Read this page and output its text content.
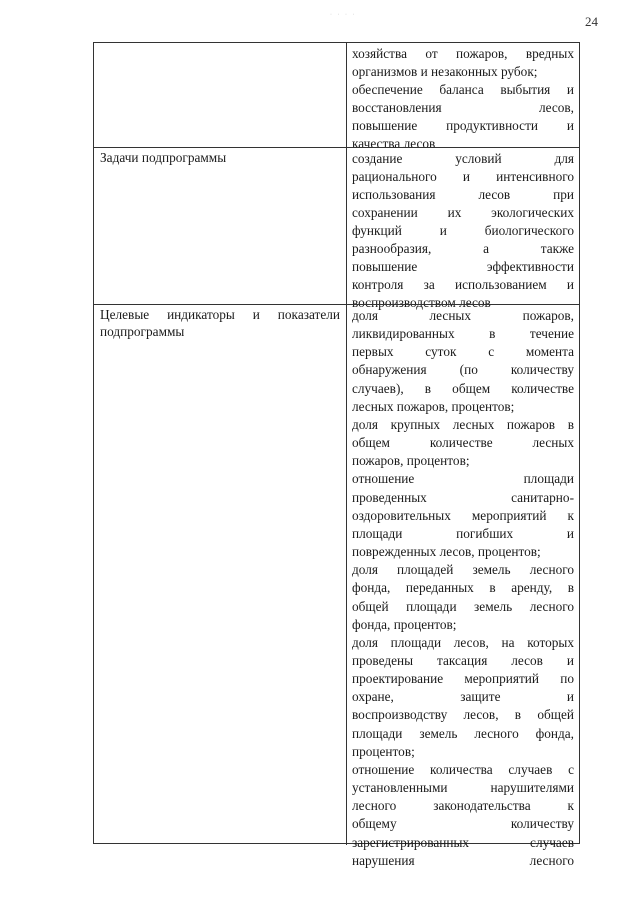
· · · ·	24
хозяйства от пожаров, вредных
организмов и незаконных рубок;
обеспечение баланса выбытия и
восстановления лесов,
повышение продуктивности и
качества лесов
Задачи подпрограммы	создание условий для
рационального и интенсивного
использования лесов при
сохранении их экологических
функций и биологического
разнообразия, а также
повышение эффективности
контроля за использованием и
воспроизводством лесов
Целевые индикаторы и показатели подпрограммы
доля лесных пожаров,
ликвидированных в течение
первых суток с момента
обнаружения (по количеству
случаев), в общем количестве
лесных пожаров, процентов;
доля крупных лесных пожаров в
общем количестве лесных
пожаров, процентов;
отношение площади
проведенных санитарно-
оздоровительных мероприятий к
площади погибших и
поврежденных лесов, процентов;
доля площадей земель лесного
фонда, переданных в аренду, в
общей площади земель лесного
фонда, процентов;
доля площади лесов, на которых
проведены таксация лесов и
проектирование мероприятий по
охране, защите и
воспроизводству лесов, в общей
площади земель лесного фонда,
процентов;
отношение количества случаев с
установленными нарушителями
лесного законодательства к
общему количеству
зарегистрированных случаев
нарушения лесного
